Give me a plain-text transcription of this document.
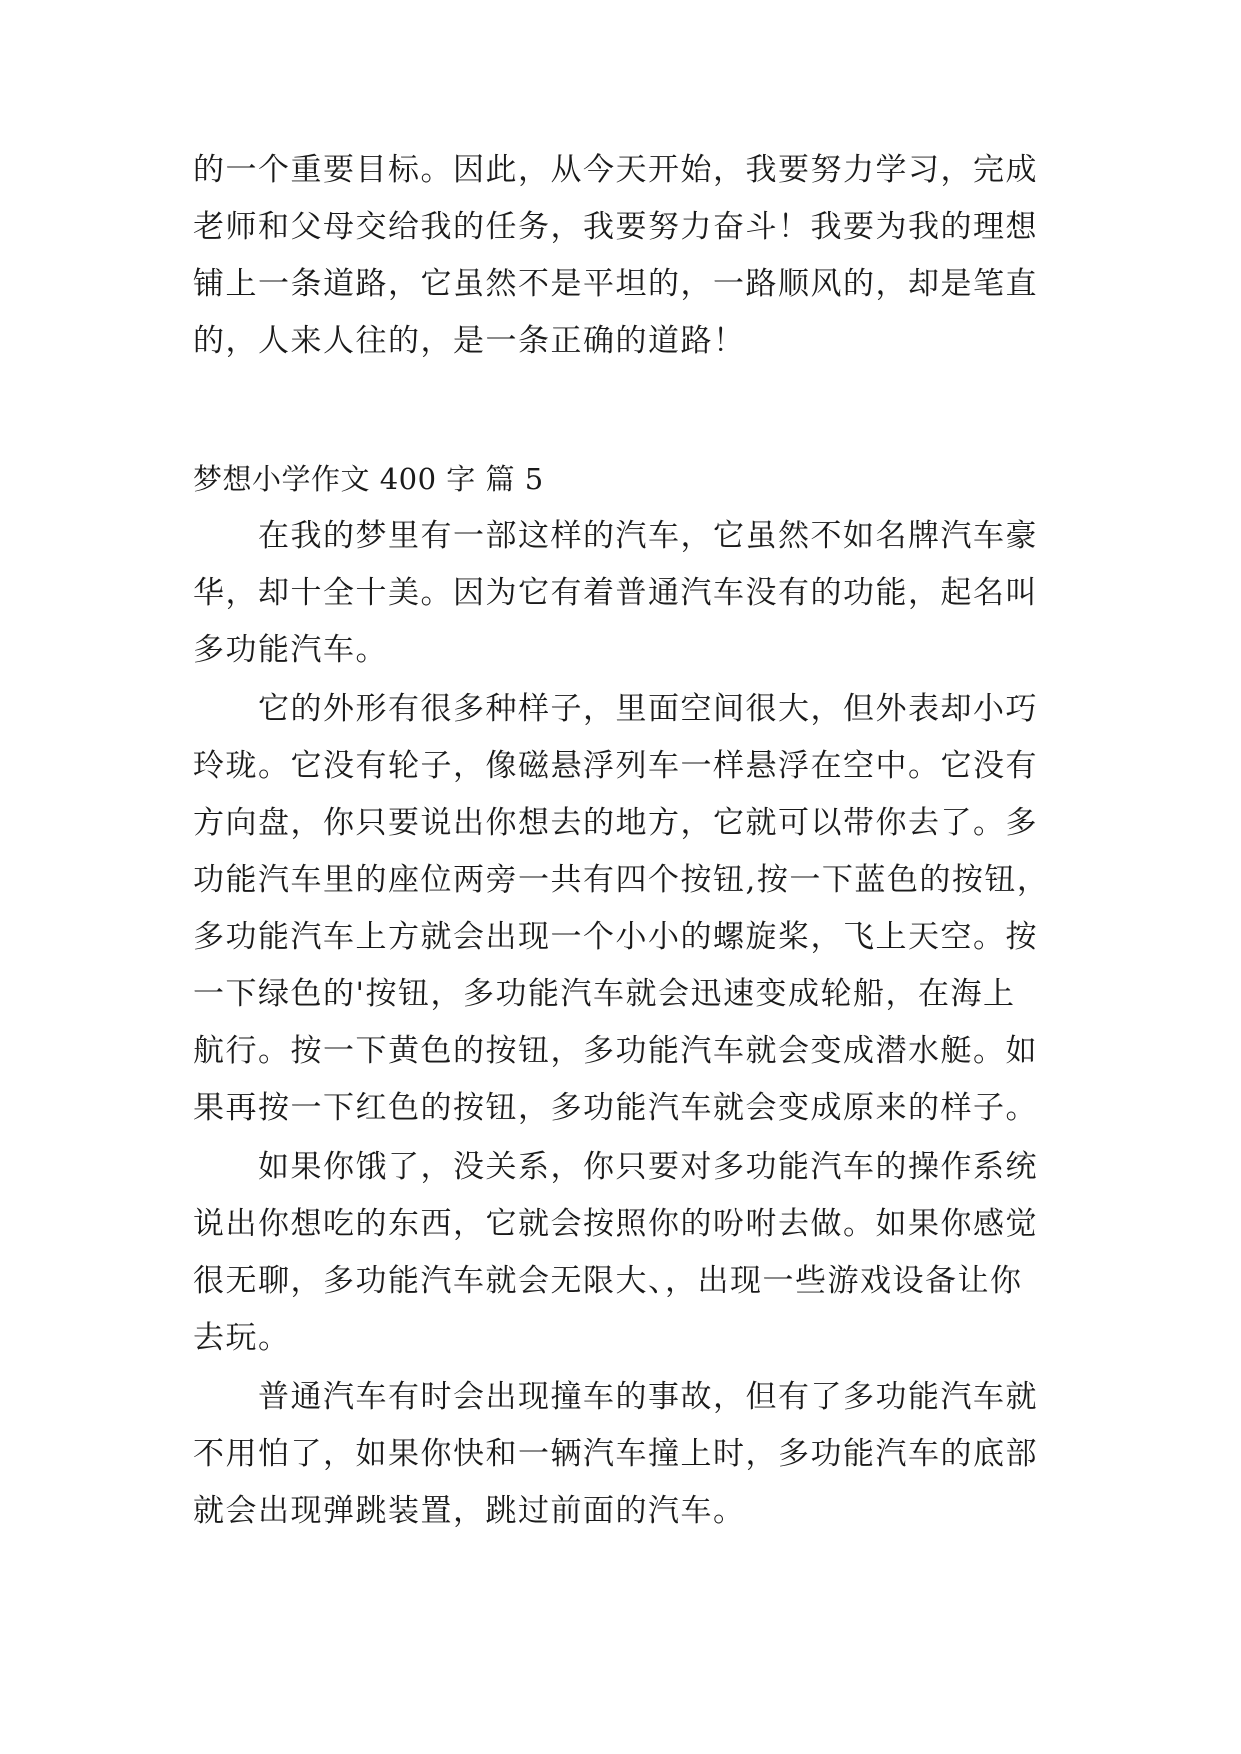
的一个重要目标。因此，从今天开始，我要努力学习，完成
老师和父母交给我的任务，我要努力奋斗！我要为我的理想
铺上一条道路，它虽然不是平坦的，一路顺风的，却是笔直
的，人来人往的，是一条正确的道路！
梦想小学作文 400 字 篇 5
在我的梦里有一部这样的汽车，它虽然不如名牌汽车豪
华，却十全十美。因为它有着普通汽车没有的功能，起名叫
多功能汽车。
它的外形有很多种样子，里面空间很大，但外表却小巧
玲珑。它没有轮子，像磁悬浮列车一样悬浮在空中。它没有
方向盘，你只要说出你想去的地方，它就可以带你去了。多
功能汽车里的座位两旁一共有四个按钮,按一下蓝色的按钮，
多功能汽车上方就会出现一个小小的螺旋桨，飞上天空。按
一下绿色的'按钮，多功能汽车就会迅速变成轮船，在海上
航行。按一下黄色的按钮，多功能汽车就会变成潜水艇。如
果再按一下红色的按钮，多功能汽车就会变成原来的样子。
如果你饿了，没关系，你只要对多功能汽车的操作系统
说出你想吃的东西，它就会按照你的吩咐去做。如果你感觉
很无聊，多功能汽车就会无限大、，出现一些游戏设备让你
去玩。
普通汽车有时会出现撞车的事故，但有了多功能汽车就
不用怕了，如果你快和一辆汽车撞上时，多功能汽车的底部
就会出现弹跳装置，跳过前面的汽车。
